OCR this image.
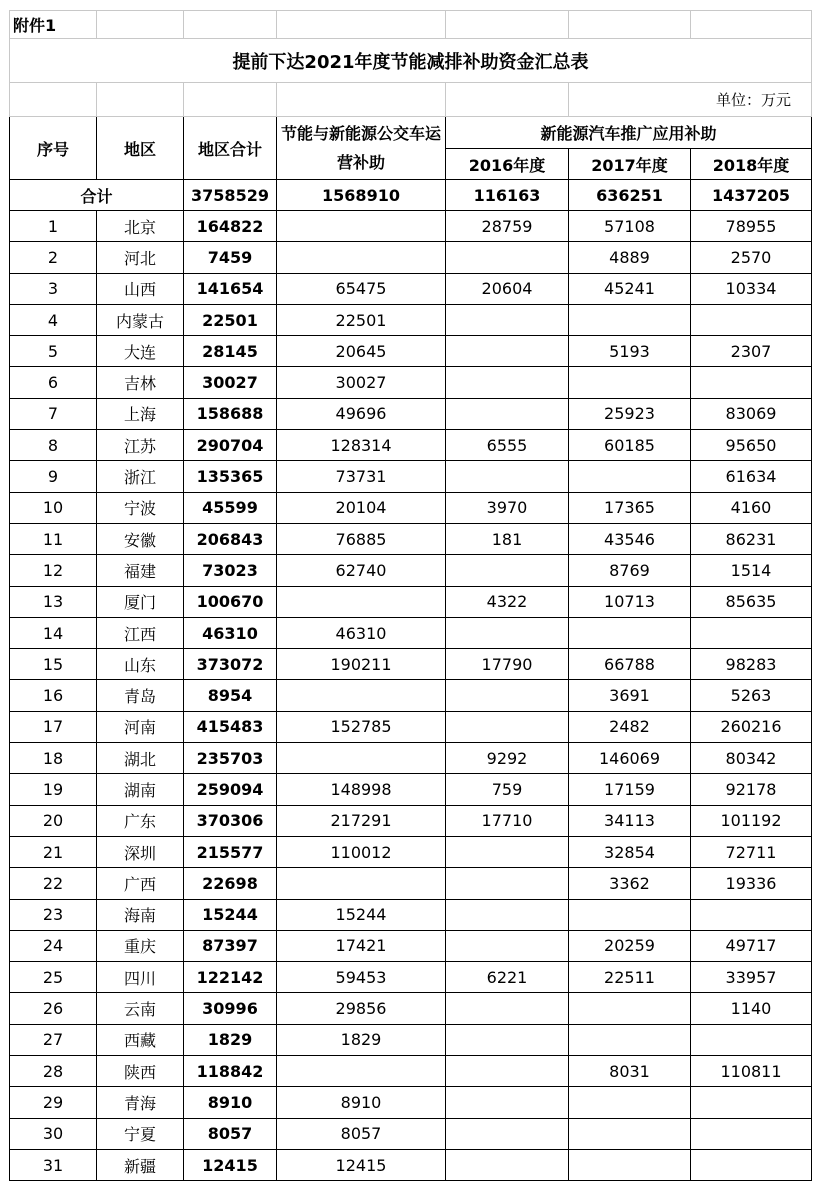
附件1						
提前下达2021年度节能减排补助资金汇总表						
					单位：万元	
序号	地区	地区合计	节能与新能源公交车运营补助	新能源汽车推广应用补助		
				2016年度	2017年度	2018年度
合计		3758529	1568910	116163	636251	1437205
1	北京	164822		28759	57108	78955
2	河北	7459			4889	2570
3	山西	141654	65475	20604	45241	10334
4	内蒙古	22501	22501			
5	大连	28145	20645		5193	2307
6	吉林	30027	30027			
7	上海	158688	49696		25923	83069
8	江苏	290704	128314	6555	60185	95650
9	浙江	135365	73731			61634
10	宁波	45599	20104	3970	17365	4160
11	安徽	206843	76885	181	43546	86231
12	福建	73023	62740		8769	1514
13	厦门	100670		4322	10713	85635
14	江西	46310	46310			
15	山东	373072	190211	17790	66788	98283
16	青岛	8954			3691	5263
17	河南	415483	152785		2482	260216
18	湖北	235703		9292	146069	80342
19	湖南	259094	148998	759	17159	92178
20	广东	370306	217291	17710	34113	101192
21	深圳	215577	110012		32854	72711
22	广西	22698			3362	19336
23	海南	15244	15244			
24	重庆	87397	17421		20259	49717
25	四川	122142	59453	6221	22511	33957
26	云南	30996	29856			1140
27	西藏	1829	1829			
28	陕西	118842			8031	110811
29	青海	8910	8910			
30	宁夏	8057	8057			
31	新疆	12415	12415			
